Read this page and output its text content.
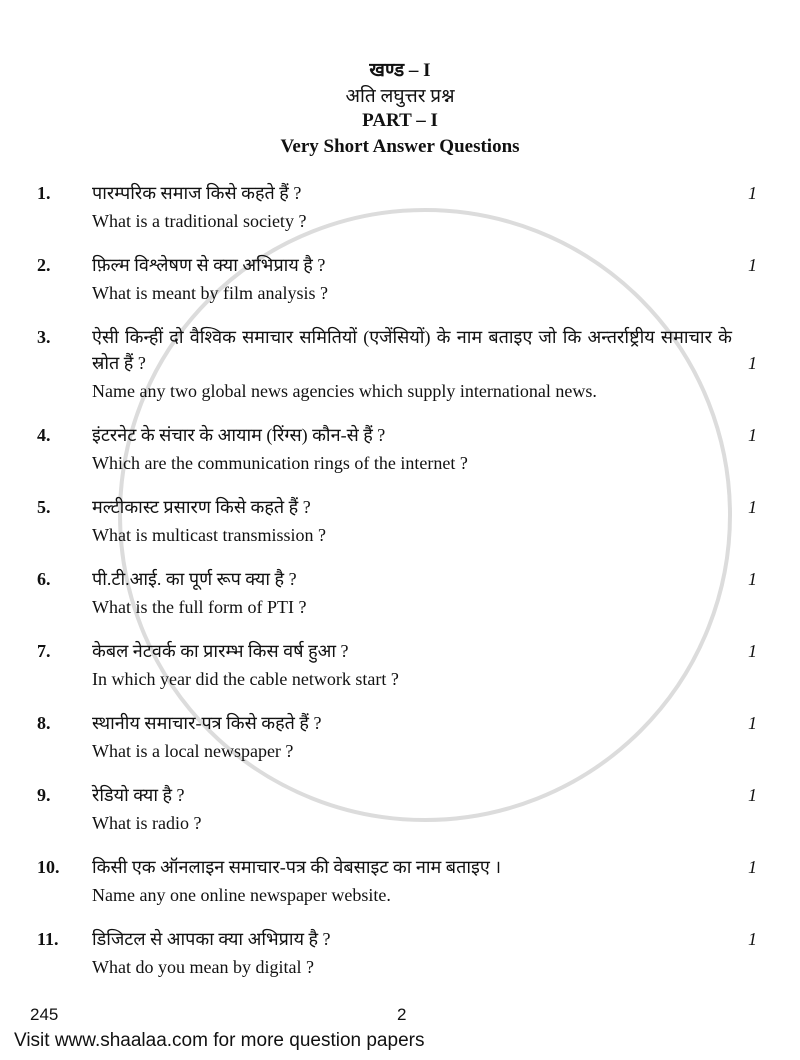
खण्ड – I
अति लघुत्तर प्रश्न
PART – I
Very Short Answer Questions
1. पारम्परिक समाज किसे कहते हैं ?
What is a traditional society ?
1
2. फ़िल्म विश्लेषण से क्या अभिप्राय है ?
What is meant by film analysis ?
1
3. ऐसी किन्हीं दो वैश्विक समाचार समितियों (एजेंसियों) के नाम बताइए जो कि अन्तर्राष्ट्रीय समाचार के स्रोत हैं ?
Name any two global news agencies which supply international news.
1
4. इंटरनेट के संचार के आयाम (रिंग्स) कौन-से हैं ?
Which are the communication rings of the internet ?
1
5. मल्टीकास्ट प्रसारण किसे कहते हैं ?
What is multicast transmission ?
1
6. पी.टी.आई. का पूर्ण रूप क्या है ?
What is the full form of PTI ?
1
7. केबल नेटवर्क का प्रारम्भ किस वर्ष हुआ ?
In which year did the cable network start ?
1
8. स्थानीय समाचार-पत्र किसे कहते हैं ?
What is a local newspaper ?
1
9. रेडियो क्या है ?
What is radio ?
1
10. किसी एक ऑनलाइन समाचार-पत्र की वेबसाइट का नाम बताइए ।
Name any one online newspaper website.
1
11. डिजिटल से आपका क्या अभिप्राय है ?
What do you mean by digital ?
1
245	2
Visit www.shaalaa.com for more question papers
